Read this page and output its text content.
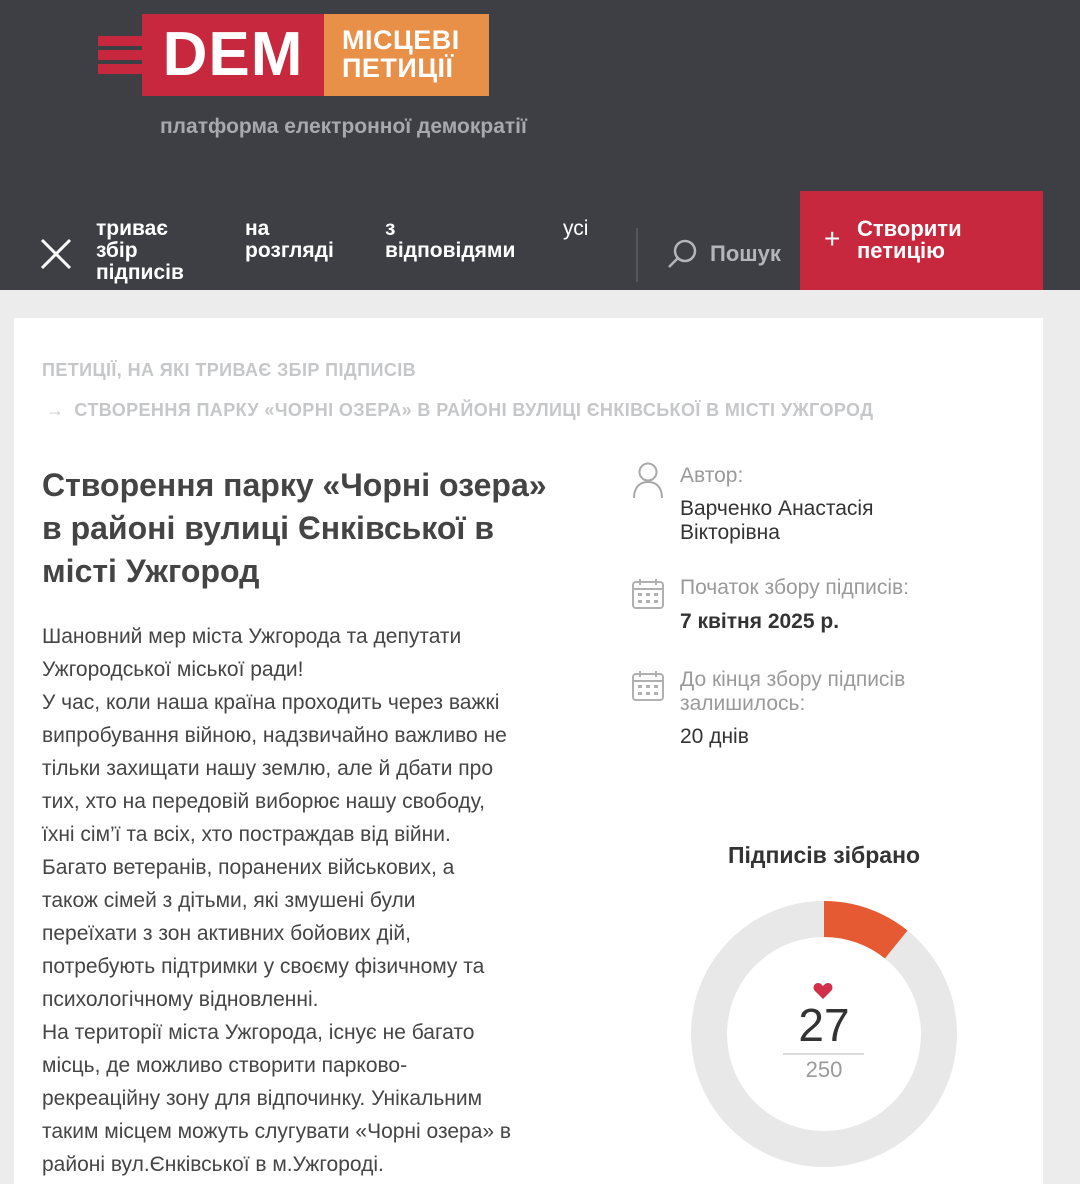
DEM	МІСЦЕВІ
ПЕТИЦІЇ
платформа електронної демократії
триває
збір
підписів
на
розгляді
з
відповідями
усі
Пошук + Створити
петицію
ПЕТИЦІЇ, НА ЯКІ ТРИВАЄ ЗБІР ПІДПИСІВ
→ СТВОРЕННЯ ПАРКУ «ЧОРНІ ОЗЕРА» В РАЙОНІ ВУЛИЦІ ЄНКІВСЬКОЇ В МІСТІ УЖГОРОД
Створення парку «Чорні озера» в районі вулиці Єнківської в місті Ужгород
Шановний мер міста Ужгорода та депутати
Ужгородської міської ради!
У час, коли наша країна проходить через важкі
випробування війною, надзвичайно важливо не
тільки захищати нашу землю, але й дбати про
тих, хто на передовій виборює нашу свободу,
їхні сім’ї та всіх, хто постраждав від війни.
Багато ветеранів, поранених військових, а
також сімей з дітьми, які змушені були
переїхати з зон активних бойових дій,
потребують підтримки у своєму фізичному та
психологічному відновленні.
На території міста Ужгорода, існує не багато
місць, де можливо створити парково-
рекреаційну зону для відпочинку. Унікальним
таким місцем можуть слугувати «Чорні озера» в
районі вул.Єнківської в м.Ужгороді.
Автор:
Варченко Анастасія
Вікторівна
Початок збору підписів:
7 квітня 2025 р.
До кінця збору підписів
залишилось:
20 днів
Підписів зібрано
27
250
